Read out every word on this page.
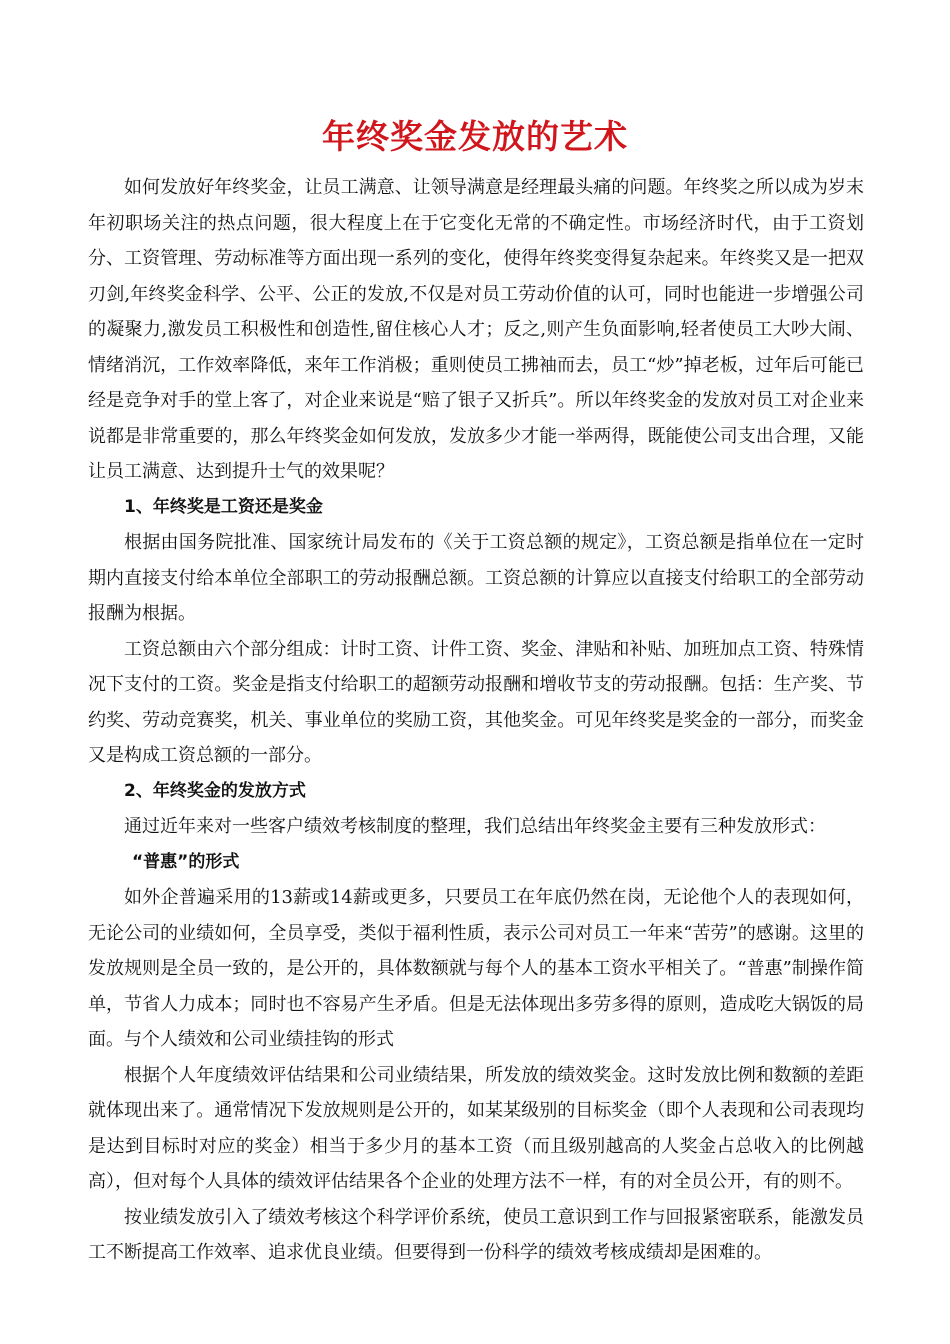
年终奖金发放的艺术

如何发放好年终奖金，让员工满意、让领导满意是经理最头痛的问题。年终奖之所以成为岁末年初职场关注的热点问题，很大程度上在于它变化无常的不确定性。市场经济时代，由于工资划分、工资管理、劳动标准等方面出现一系列的变化，使得年终奖变得复杂起来。年终奖又是一把双刃剑,年终奖金科学、公平、公正的发放,不仅是对员工劳动价值的认可，同时也能进一步增强公司的凝聚力,激发员工积极性和创造性,留住核心人才；反之,则产生负面影响,轻者使员工大吵大闹、情绪消沉，工作效率降低，来年工作消极；重则使员工拂袖而去，员工“炒”掉老板，过年后可能已经是竞争对手的堂上客了，对企业来说是“赔了银子又折兵”。所以年终奖金的发放对员工对企业来说都是非常重要的，那么年终奖金如何发放，发放多少才能一举两得，既能使公司支出合理，又能让员工满意、达到提升士气的效果呢？

1、年终奖是工资还是奖金

根据由国务院批准、国家统计局发布的《关于工资总额的规定》，工资总额是指单位在一定时期内直接支付给本单位全部职工的劳动报酬总额。工资总额的计算应以直接支付给职工的全部劳动报酬为根据。

工资总额由六个部分组成：计时工资、计件工资、奖金、津贴和补贴、加班加点工资、特殊情况下支付的工资。奖金是指支付给职工的超额劳动报酬和增收节支的劳动报酬。包括：生产奖、节约奖、劳动竞赛奖，机关、事业单位的奖励工资，其他奖金。可见年终奖是奖金的一部分，而奖金又是构成工资总额的一部分。

2、年终奖金的发放方式

通过近年来对一些客户绩效考核制度的整理，我们总结出年终奖金主要有三种发放形式：

“普惠”的形式

如外企普遍采用的13薪或14薪或更多，只要员工在年底仍然在岗，无论他个人的表现如何，无论公司的业绩如何，全员享受，类似于福利性质，表示公司对员工一年来“苦劳”的感谢。这里的发放规则是全员一致的，是公开的，具体数额就与每个人的基本工资水平相关了。“普惠”制操作简单，节省人力成本；同时也不容易产生矛盾。但是无法体现出多劳多得的原则，造成吃大锅饭的局面。与个人绩效和公司业绩挂钩的形式

根据个人年度绩效评估结果和公司业绩结果，所发放的绩效奖金。这时发放比例和数额的差距就体现出来了。通常情况下发放规则是公开的，如某某级别的目标奖金（即个人表现和公司表现均是达到目标时对应的奖金）相当于多少月的基本工资（而且级别越高的人奖金占总收入的比例越高），但对每个人具体的绩效评估结果各个企业的处理方法不一样，有的对全员公开，有的则不。

按业绩发放引入了绩效考核这个科学评价系统，使员工意识到工作与回报紧密联系，能激发员工不断提高工作效率、追求优良业绩。但要得到一份科学的绩效考核成绩却是困难的。
